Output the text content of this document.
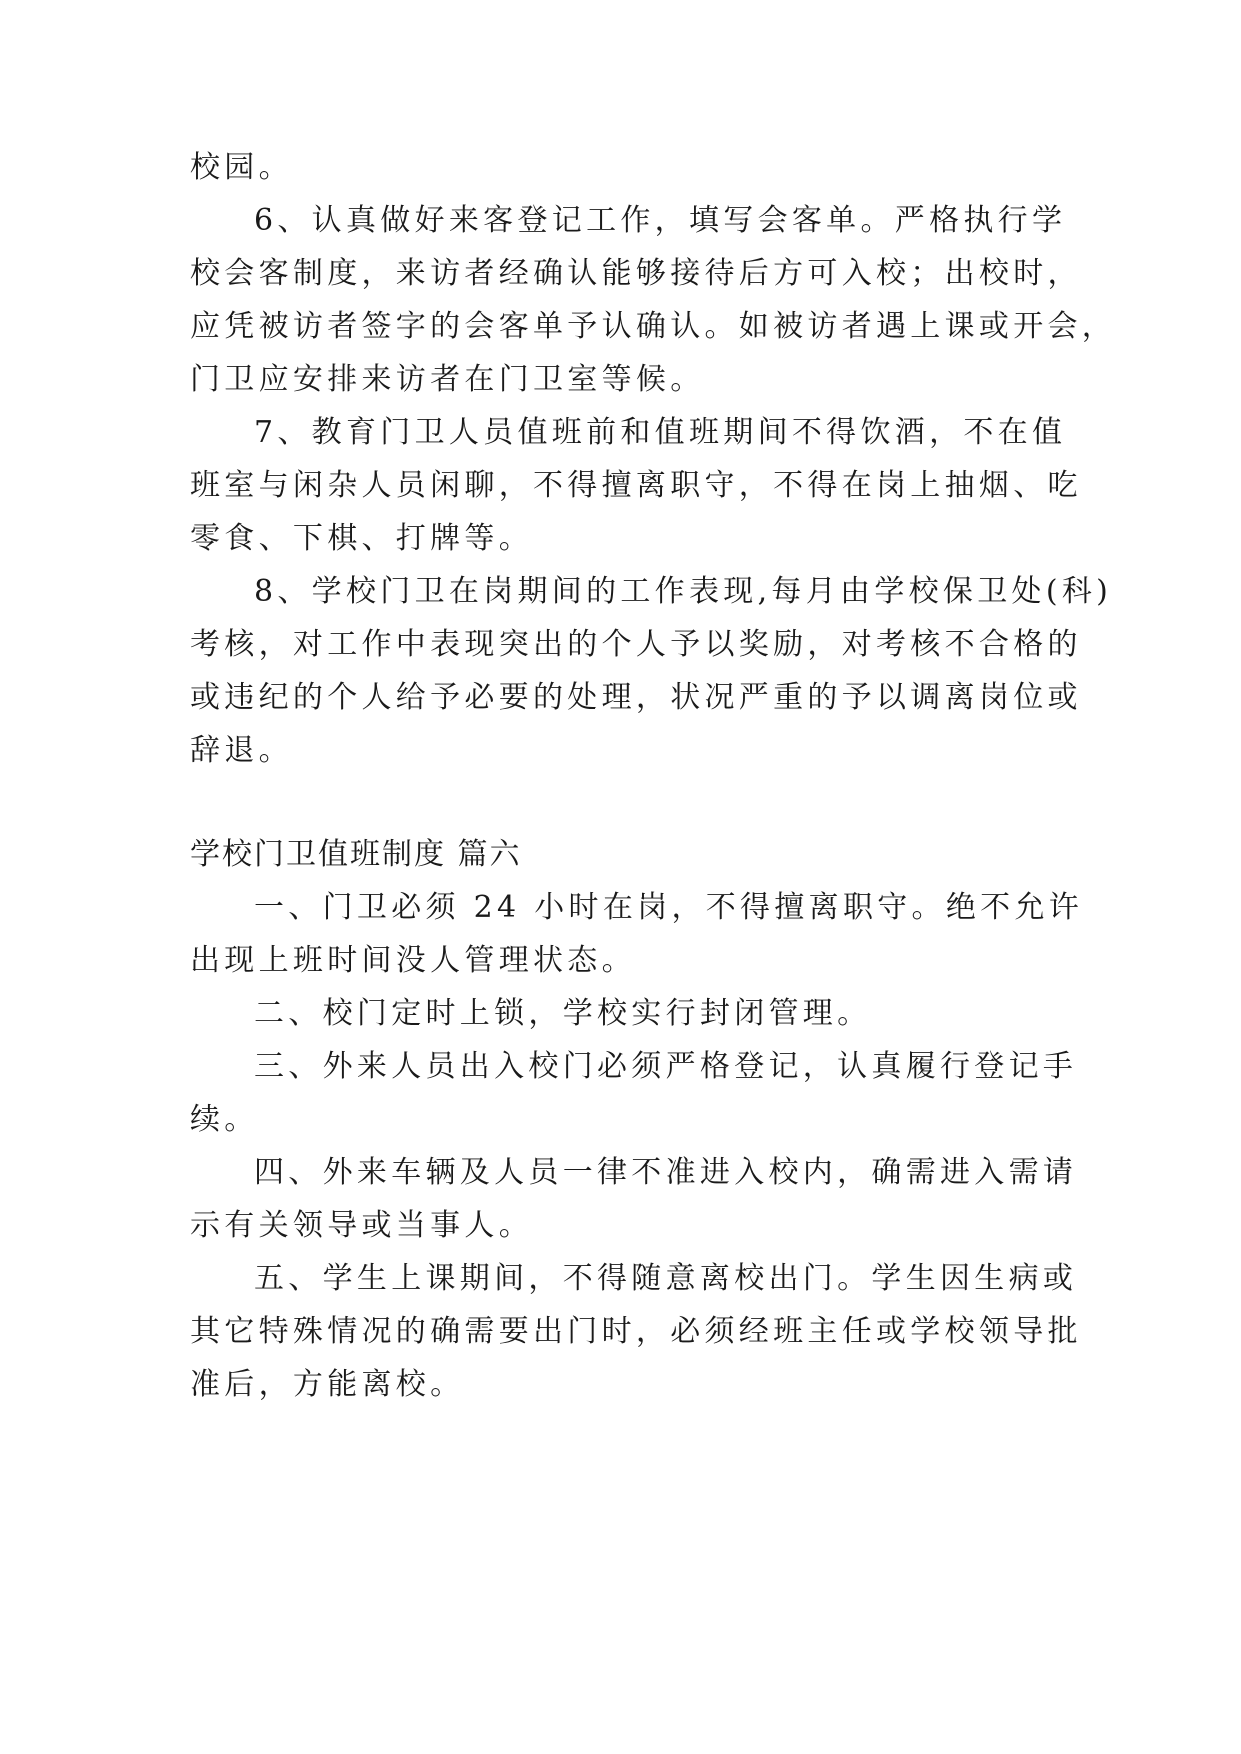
校园。

6、认真做好来客登记工作，填写会客单。严格执行学

校会客制度，来访者经确认能够接待后方可入校；出校时，

应凭被访者签字的会客单予认确认。如被访者遇上课或开会，

门卫应安排来访者在门卫室等候。

7、教育门卫人员值班前和值班期间不得饮酒，不在值

班室与闲杂人员闲聊，不得擅离职守，不得在岗上抽烟、吃

零食、下棋、打牌等。

8、学校门卫在岗期间的工作表现,每月由学校保卫处(科)

考核，对工作中表现突出的个人予以奖励，对考核不合格的

或违纪的个人给予必要的处理，状况严重的予以调离岗位或

辞退。

学校门卫值班制度 篇六

一、门卫必须 24 小时在岗，不得擅离职守。绝不允许

出现上班时间没人管理状态。

二、校门定时上锁，学校实行封闭管理。

三、外来人员出入校门必须严格登记，认真履行登记手

续。

四、外来车辆及人员一律不准进入校内，确需进入需请

示有关领导或当事人。

五、学生上课期间，不得随意离校出门。学生因生病或

其它特殊情况的确需要出门时，必须经班主任或学校领导批

准后，方能离校。
